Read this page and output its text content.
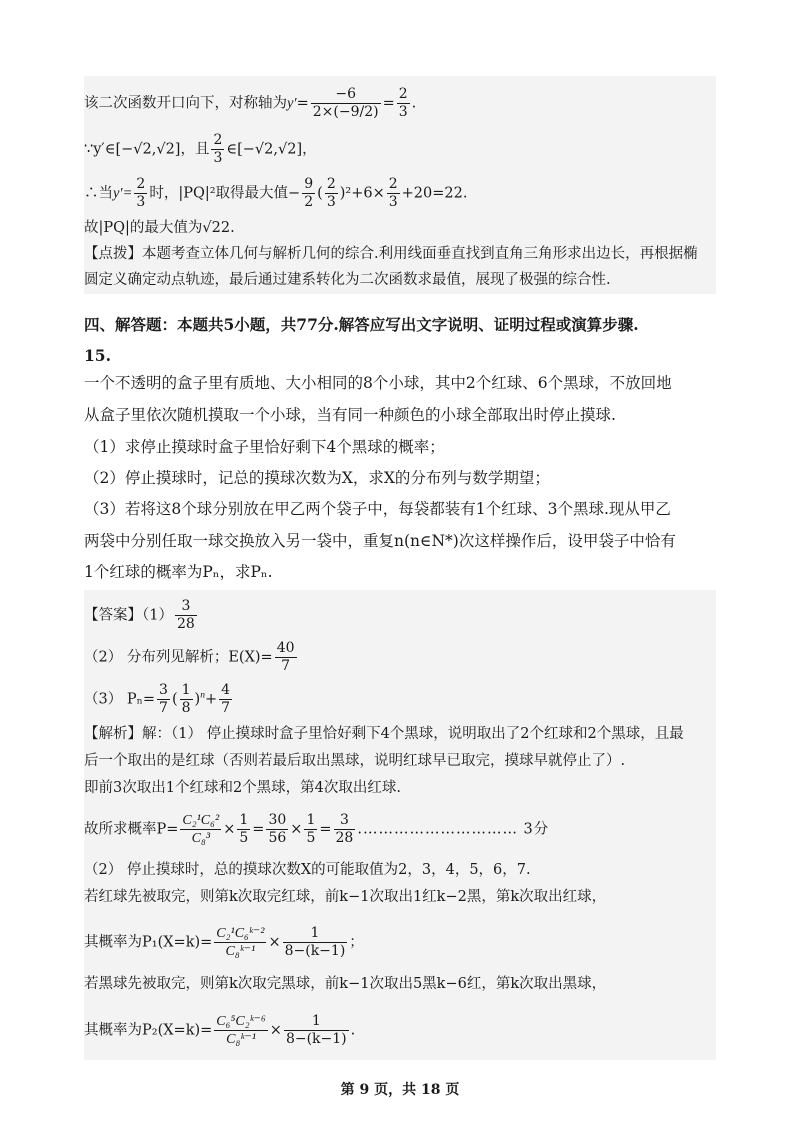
该二次函数开口向下，对称轴为$y'= \frac{-6}{2\times(-9/2)} = \frac{2}{3}$ .
∵y′∈[−√2,√2]，且 $\frac{2}{3}$ ∈[−√2,√2]，
∴当$y'= \frac{2}{3}$ 时，|PQ|²取得最大值− $\frac{9}{2}$ ( $\frac{2}{3} )^2+6\times \frac{2}{3} +20=22$.
故|PQ|的最大值为√22.
【点拨】本题考查立体几何与解析几何的综合.利用线面垂直找到直角三角形求出边长，再根据椭
圆定义确定动点轨迹，最后通过建系转化为二次函数求最值，展现了极强的综合性.
四、解答题：本题共5小题，共77分.解答应写出文字说明、证明过程或演算步骤.
15.
一个不透明的盒子里有质地、大小相同的8个小球，其中2个红球、6个黑球，不放回地
从盒子里依次随机摸取一个小球，当有同一种颜色的小球全部取出时停止摸球.
（1）求停止摸球时盒子里恰好剩下4个黑球的概率；
（2）停止摸球时，记总的摸球次数为X，求X的分布列与数学期望；
（3）若将这8个球分别放在甲乙两个袋子中，每袋都装有1个红球、3个黑球.现从甲乙
两袋中分别任取一球交换放入另一袋中，重复n(n∈N*)次这样操作后，设甲袋子中恰有
1个红球的概率为Pₙ，求Pₙ.
【答案】$(1) \frac{3}{28}$
（2） 分布列见解析；$E(X)= \frac{40}{7}$
（3） $P_n= \frac{3}{7}$ ( $\frac{1}{8} )^n+ \frac{4}{7}$
【解析】解：（1） 停止摸球时盒子里恰好剩下4个黑球，说明取出了2个红球和2个黑球，且最
后一个取出的是红球（否则若最后取出黑球，说明红球早已取完，摸球早就停止了）.
即前3次取出1个红球和2个黑球，第4次取出红球.
故所求概率$P= \frac{\text{C₂¹C₆²}}{\text{C₈³}} \times \frac{1}{5} = \frac{30}{56} \times \frac{1}{5} = \frac{3}{28}$ .………………………… 3分
（2） 停止摸球时，总的摸球次数X的可能取值为2，3，4，5，6，7.
若红球先被取完，则第k次取完红球，前k−1次取出1红k−2黑，第k次取出红球，
其概率为$P_1(X=k)= \frac{\text{C₂¹C₆ᵏ⁻²}}{\text{C₈ᵏ⁻¹}} \times \frac{1}{8-(k-1)}$ ；
若黑球先被取完，则第k次取完黑球，前k−1次取出5黑k−6红，第k次取出黑球，
其概率为$P_2(X=k)= \frac{\text{C₆⁵C₂ᵏ⁻⁶}}{\text{C₈ᵏ⁻¹}} \times \frac{1}{8-(k-1)}$ .
第 9 页，共 18 页
